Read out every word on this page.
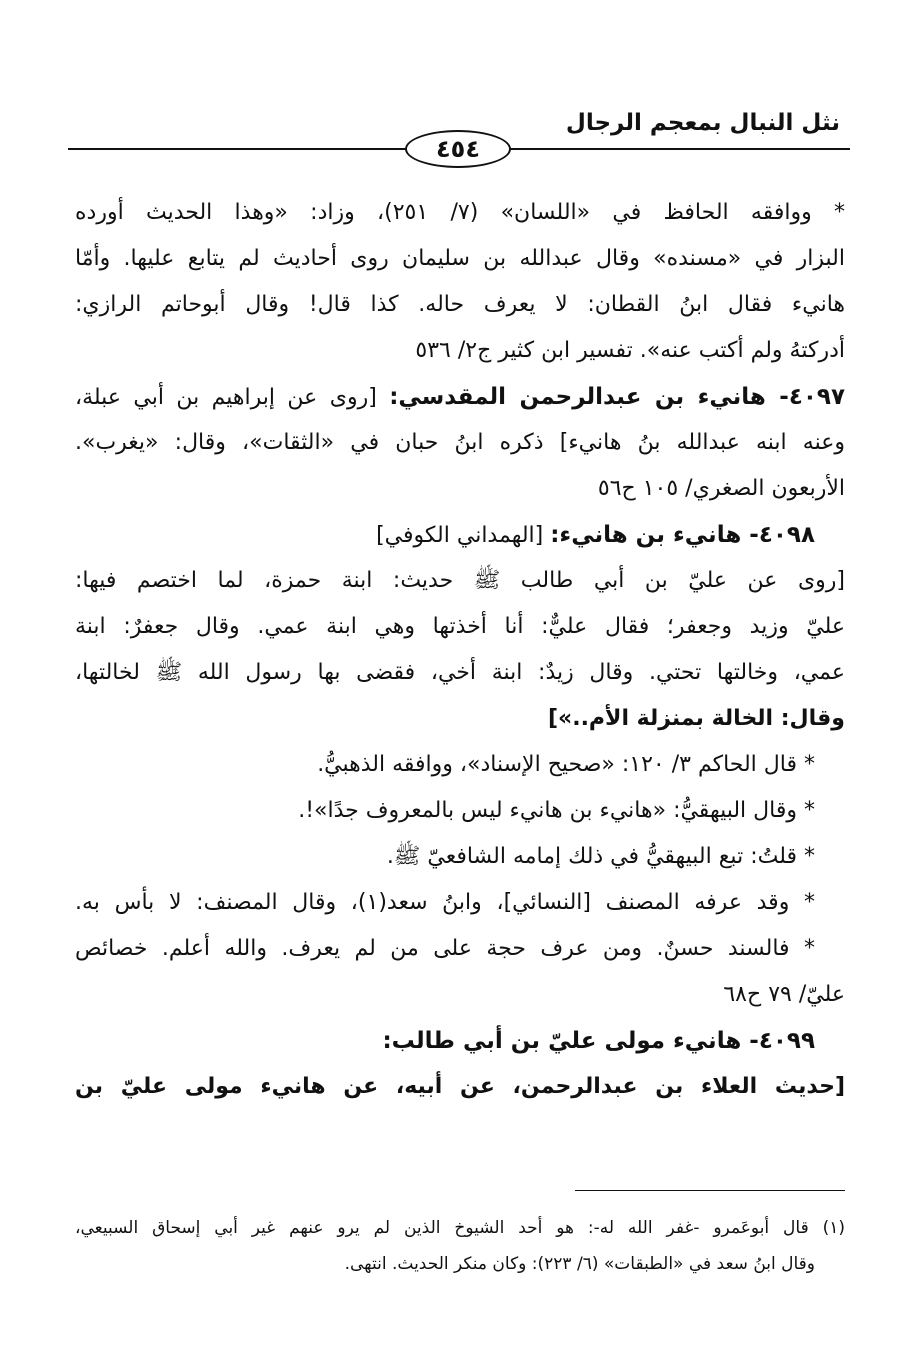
نثل النبال بمعجم الرجال
٤٥٤
* ووافقه الحافظ في «اللسان» (٧/ ٢٥١)، وزاد: «وهذا الحديث أورده
البزار في «مسنده» وقال عبدالله بن سليمان روى أحاديث لم يتابع عليها. وأمّا
هانيء فقال ابنُ القطان: لا يعرف حاله. كذا قال! وقال أبوحاتم الرازي:
أدركتهُ ولم أكتب عنه». تفسير ابن كثير ج٢/ ٥٣٦
٤٠٩٧- هانيء بن عبدالرحمن المقدسي: [روى عن إبراهيم بن أبي عبلة،
وعنه ابنه عبدالله بنُ هانيء] ذكره ابنُ حبان في «الثقات»، وقال: «يغرب».
الأربعون الصغري/ ١٠٥ ح٥٦
٤٠٩٨- هانيء بن هانيء: [الهمداني الكوفي]
[روى عن عليّ بن أبي طالب ﷺ حديث: ابنة حمزة، لما اختصم فيها:
عليّ وزيد وجعفر؛ فقال عليٌّ: أنا أخذتها وهي ابنة عمي. وقال جعفرٌ: ابنة
عمي، وخالتها تحتي. وقال زيدٌ: ابنة أخي، فقضى بها رسول الله ﷺ لخالتها،
وقال: الخالة بمنزلة الأم..»]
* قال الحاكم ٣/ ١٢٠: «صحيح الإسناد»، ووافقه الذهبيُّ.
* وقال البيهقيُّ: «هانيء بن هانيء ليس بالمعروف جدًا»!.
* قلتُ: تبع البيهقيُّ في ذلك إمامه الشافعيّ ﷺ.
* وقد عرفه المصنف [النسائي]، وابنُ سعد(١)، وقال المصنف: لا بأس به.
* فالسند حسنٌ. ومن عرف حجة على من لم يعرف. والله أعلم. خصائص
عليّ/ ٧٩ ح٦٨
٤٠٩٩- هانيء مولى عليّ بن أبي طالب:
[حديث العلاء بن عبدالرحمن، عن أبيه، عن هانيء مولى عليّ بن
(١) قال أبوعَمرو -غفر الله له-: هو أحد الشيوخ الذين لم يرو عنهم غير أبي إسحاق السبيعي،
وقال ابنُ سعد في «الطبقات» (٦/ ٢٢٣): وكان منكر الحديث. انتهى.
